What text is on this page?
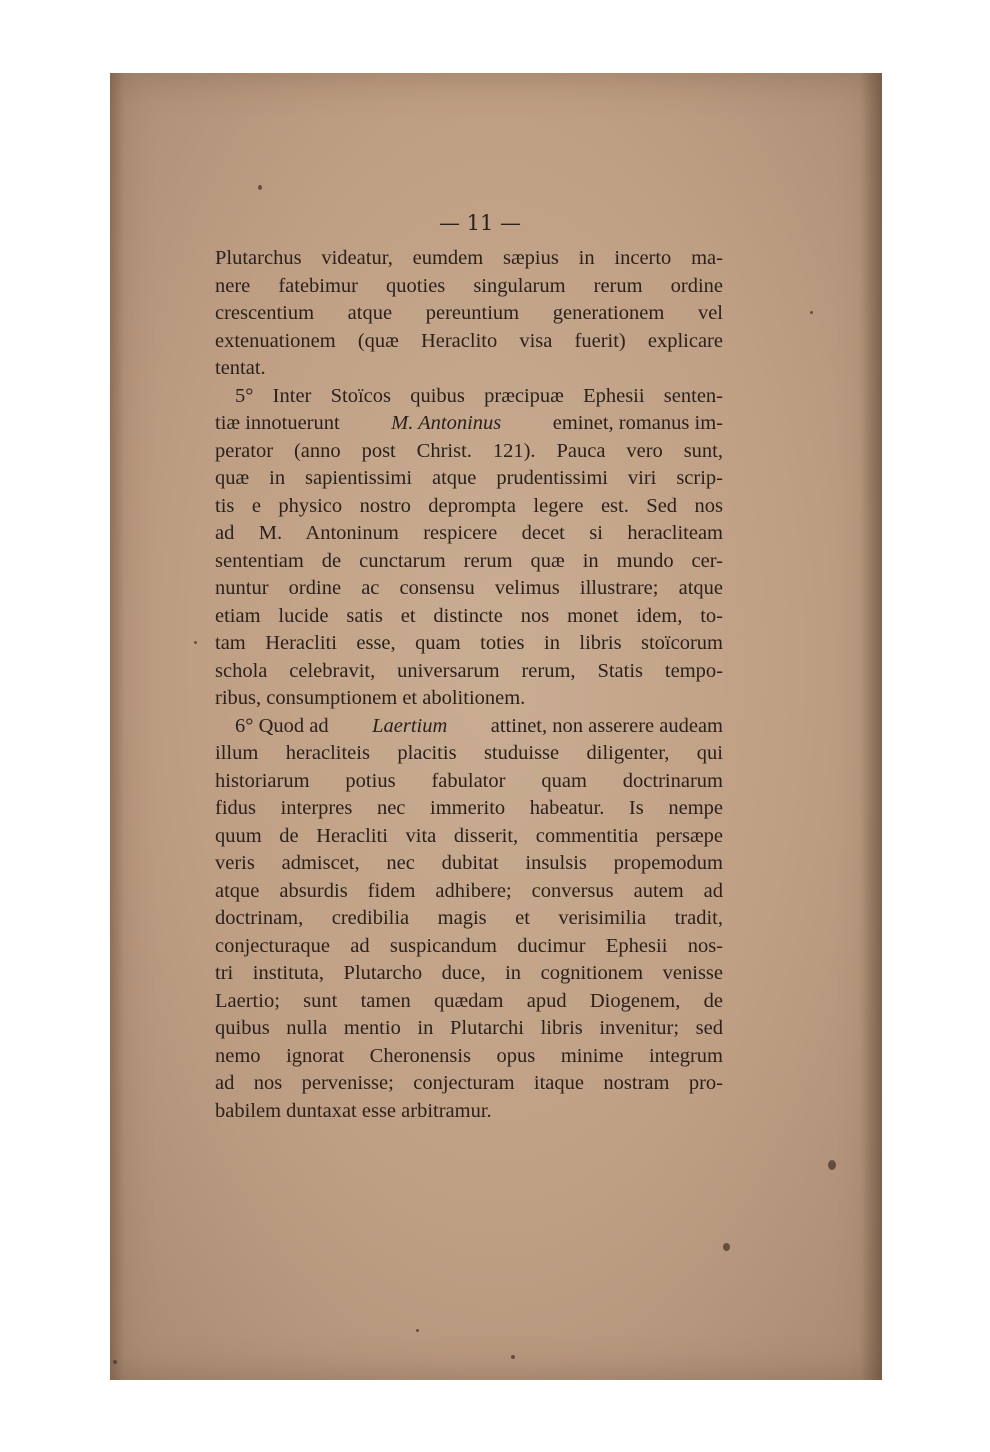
— 11 —
Plutarchus videatur, eumdem sæpius in incerto ma-
nere fatebimur quoties singularum rerum ordine
crescentium atque pereuntium generationem vel
extenuationem (quæ Heraclito visa fuerit) explicare
tentat.
5° Inter Stoïcos quibus præcipuæ Ephesii senten-
tiæ innotuerunt	M. Antoninus	eminet, romanus im-
perator (anno post Christ. 121). Pauca vero sunt,
quæ in sapientissimi atque prudentissimi viri scrip-
tis e physico nostro deprompta legere est. Sed nos
ad M. Antoninum respicere decet si heracliteam
sententiam de cunctarum rerum quæ in mundo cer-
nuntur ordine ac consensu velimus illustrare; atque
etiam lucide satis et distincte nos monet idem, to-
tam Heracliti esse, quam toties in libris stoïcorum
schola celebravit, universarum rerum, Statis tempo-
ribus, consumptionem et abolitionem.
6° Quod ad Laertium attinet, non asserere audeam
illum heracliteis placitis studuisse diligenter, qui
historiarum potius fabulator quam doctrinarum
fidus interpres nec immerito habeatur. Is nempe
quum de Heracliti vita disserit, commentitia persæpe
veris admiscet, nec dubitat insulsis propemodum
atque absurdis fidem adhibere; conversus autem ad
doctrinam, credibilia magis et verisimilia tradit,
conjecturaque ad suspicandum ducimur Ephesii nos-
tri instituta, Plutarcho duce, in cognitionem venisse
Laertio; sunt tamen quædam apud Diogenem, de
quibus nulla mentio in Plutarchi libris invenitur; sed
nemo ignorat Cheronensis opus minime integrum
ad nos pervenisse; conjecturam itaque nostram pro-
babilem duntaxat esse arbitramur.
